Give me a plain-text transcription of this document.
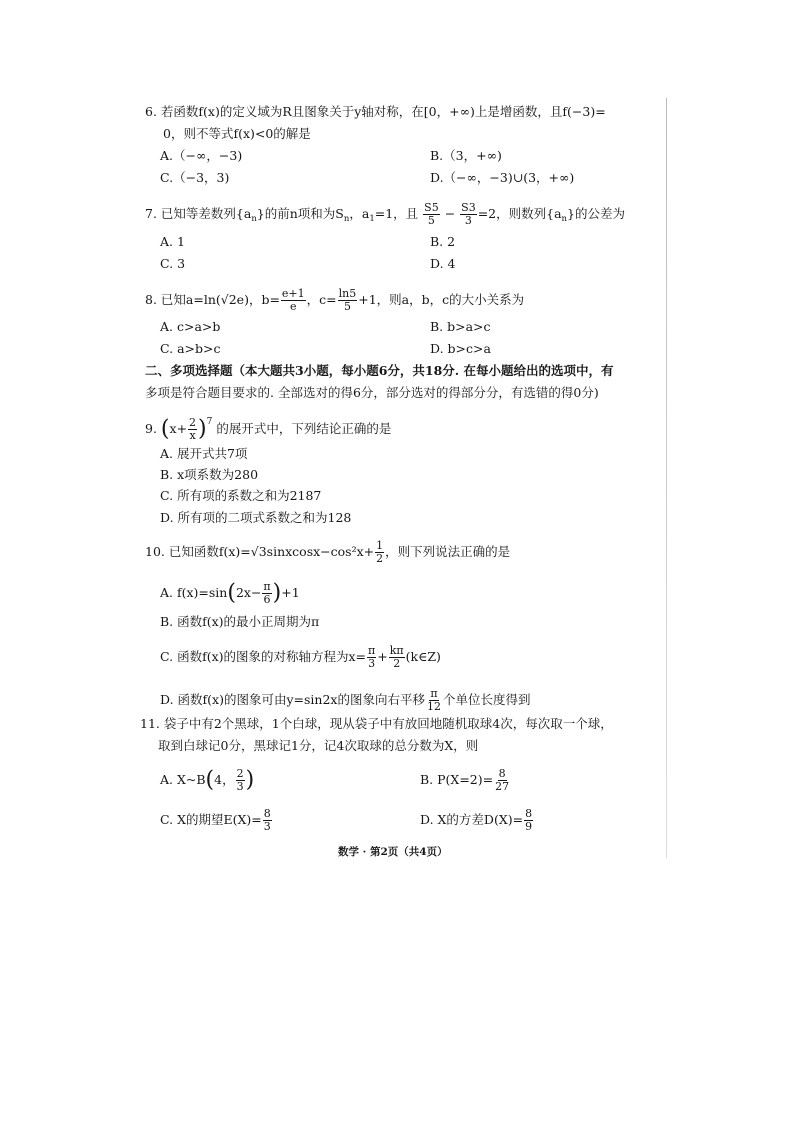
6. 若函数f(x)的定义域为R且图象关于y轴对称，在[0，+∞)上是增函数，且f(−3)=
0，则不等式f(x)<0的解是
A.（−∞，−3)	B.（3，+∞)
C.（−3，3)	D.（−∞，−3)∪(3，+∞)
7. 已知等差数列$\{a_n\}$的前n项和为$S_n$，$a_1=1$，且 $\frac{S5}{5} - \frac{S3}{3} =2$，则数列$\{a_n\}$的公差为
A. 1	B. 2
C. 3	D. 4
8. 已知a=ln(√2e)，$b= \frac{e+1}{e}$ ，$c= \frac{\ln 5}{5} +1$，则a，b，c的大小关系为
A. c>a>b	B. b>a>c
C. a>b>c	D. b>c>a
二、多项选择题（本大题共3小题，每小题6分，共18分. 在每小题给出的选项中，有
多项是符合题目要求的. 全部选对的得6分，部分选对的得部分分，有选错的得0分)
9. $(x+ \frac{2}{x} )^7$ 的展开式中，下列结论正确的是
A. 展开式共7项
B. x项系数为280
C. 所有项的系数之和为2187
D. 所有项的二项式系数之和为128
10. 已知函数f(x)=√3sinxcosx−cos²x+ $\frac{1}{2}$ ，则下列说法正确的是
A. $f(x)=\sin(2x- \frac{\pi}{6} )+1$
B. 函数f(x)的最小正周期为π
C. 函数f(x)的图象的对称轴方程为$x= \frac{\pi}{3} + \frac{k\pi}{2}$ (k∈Z)
D. 函数f(x)的图象可由y=sin2x的图象向右平移 $\frac{\pi}{12}$ 个单位长度得到
11. 袋子中有2个黑球，1个白球，现从袋子中有放回地随机取球4次，每次取一个球，
取到白球记0分，黑球记1分，记4次取球的总分数为X，则
A. X~B(4， $\frac{2}{3}$ )	B. $P(X=2)= \frac{8}{27}$
C. X的期望$E(X)= \frac{8}{3}$	D. X的方差$D(X)= \frac{8}{9}$
数学 · 第2页（共4页）
